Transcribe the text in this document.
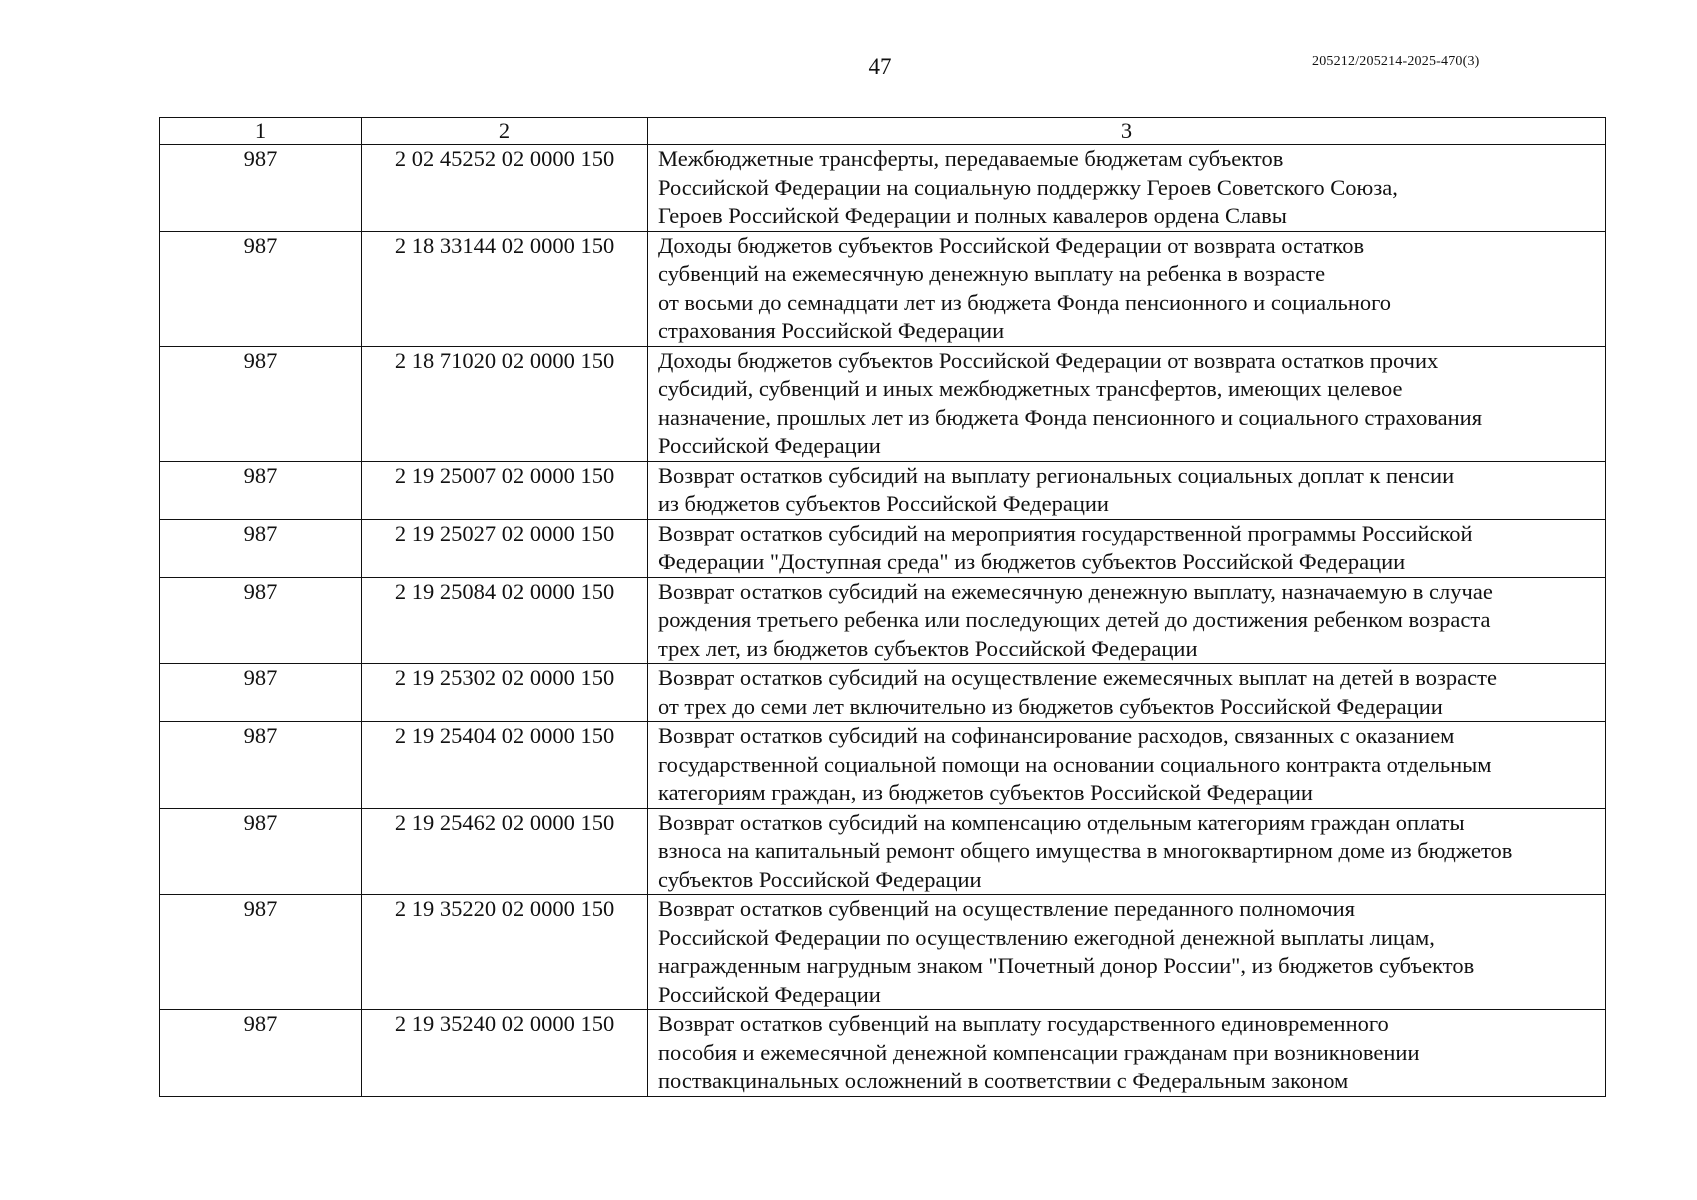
47	205212/205214-2025-470(3)
1	2	3
987	2 02 45252 02 0000 150	Межбюджетные трансферты, передаваемые бюджетам субъектов
Российской Федерации на социальную поддержку Героев Советского Союза,
Героев Российской Федерации и полных кавалеров ордена Славы
987	2 18 33144 02 0000 150	Доходы бюджетов субъектов Российской Федерации от возврата остатков
субвенций на ежемесячную денежную выплату на ребенка в возрасте
от восьми до семнадцати лет из бюджета Фонда пенсионного и социального
страхования Российской Федерации
987	2 18 71020 02 0000 150	Доходы бюджетов субъектов Российской Федерации от возврата остатков прочих
субсидий, субвенций и иных межбюджетных трансфертов, имеющих целевое
назначение, прошлых лет из бюджета Фонда пенсионного и социального страхования
Российской Федерации
987	2 19 25007 02 0000 150	Возврат остатков субсидий на выплату региональных социальных доплат к пенсии
из бюджетов субъектов Российской Федерации
987	2 19 25027 02 0000 150	Возврат остатков субсидий на мероприятия государственной программы Российской
Федерации "Доступная среда" из бюджетов субъектов Российской Федерации
987	2 19 25084 02 0000 150	Возврат остатков субсидий на ежемесячную денежную выплату, назначаемую в случае
рождения третьего ребенка или последующих детей до достижения ребенком возраста
трех лет, из бюджетов субъектов Российской Федерации
987	2 19 25302 02 0000 150	Возврат остатков субсидий на осуществление ежемесячных выплат на детей в возрасте
от трех до семи лет включительно из бюджетов субъектов Российской Федерации
987	2 19 25404 02 0000 150	Возврат остатков субсидий на софинансирование расходов, связанных с оказанием
государственной социальной помощи на основании социального контракта отдельным
категориям граждан, из бюджетов субъектов Российской Федерации
987	2 19 25462 02 0000 150	Возврат остатков субсидий на компенсацию отдельным категориям граждан оплаты
взноса на капитальный ремонт общего имущества в многоквартирном доме из бюджетов
субъектов Российской Федерации
987	2 19 35220 02 0000 150	Возврат остатков субвенций на осуществление переданного полномочия
Российской Федерации по осуществлению ежегодной денежной выплаты лицам,
награжденным нагрудным знаком "Почетный донор России", из бюджетов субъектов
Российской Федерации
987	2 19 35240 02 0000 150	Возврат остатков субвенций на выплату государственного единовременного
пособия и ежемесячной денежной компенсации гражданам при возникновении
поствакцинальных осложнений в соответствии с Федеральным законом
